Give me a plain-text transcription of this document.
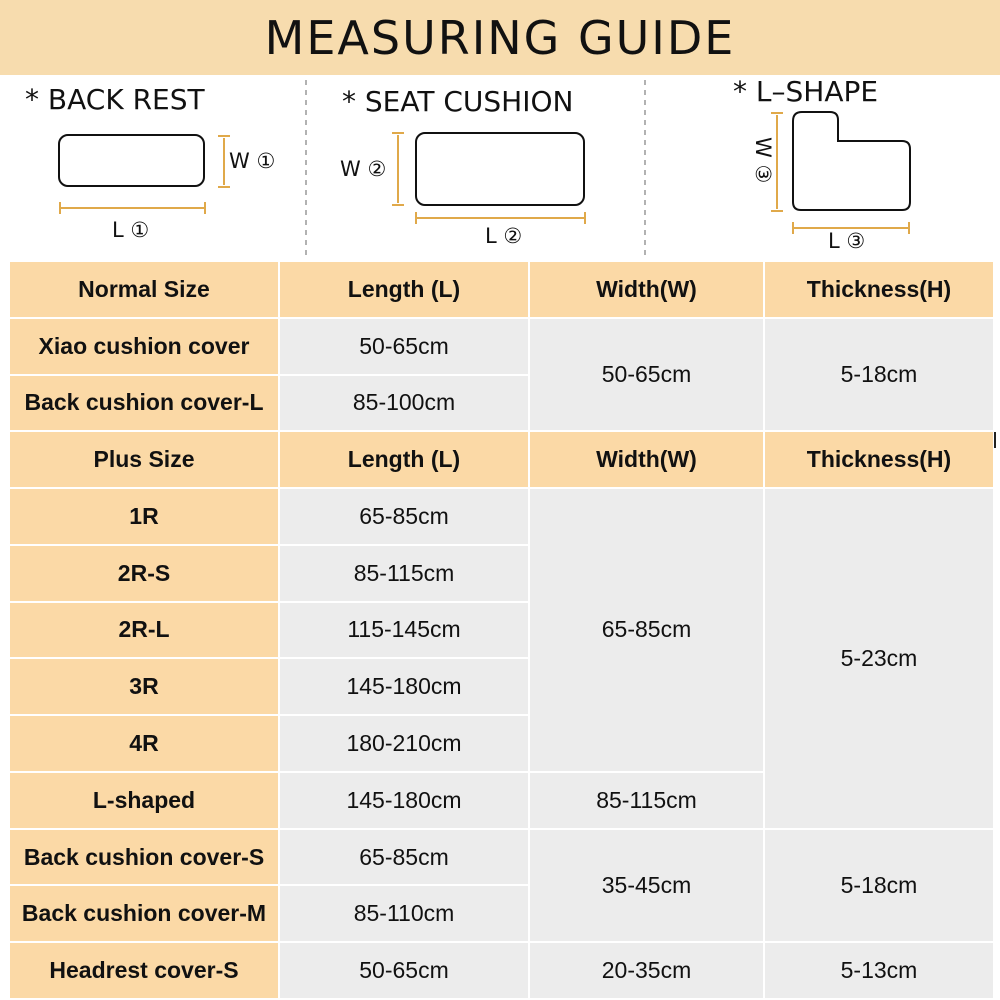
MEASURING GUIDE
* BACK REST	* SEAT CUSHION	* L–SHAPE
W ①
L ①
W ②
L ②
W ③
L ③
Normal Size	Length (L)	Width(W)	Thickness(H)
Xiao cushion cover	50-65cm	50-65cm	5-18cm
Back cushion cover-L	85-100cm		
Plus Size	Length (L)	Width(W)	Thickness(H)
1R	65-85cm	65-85cm	5-23cm
2R-S	85-115cm		
2R-L	115-145cm		
3R	145-180cm		
4R	180-210cm		
L-shaped	145-180cm	85-115cm	
Back cushion cover-S	65-85cm	35-45cm	5-18cm
Back cushion cover-M	85-110cm		
Headrest cover-S	50-65cm	20-35cm	5-13cm
